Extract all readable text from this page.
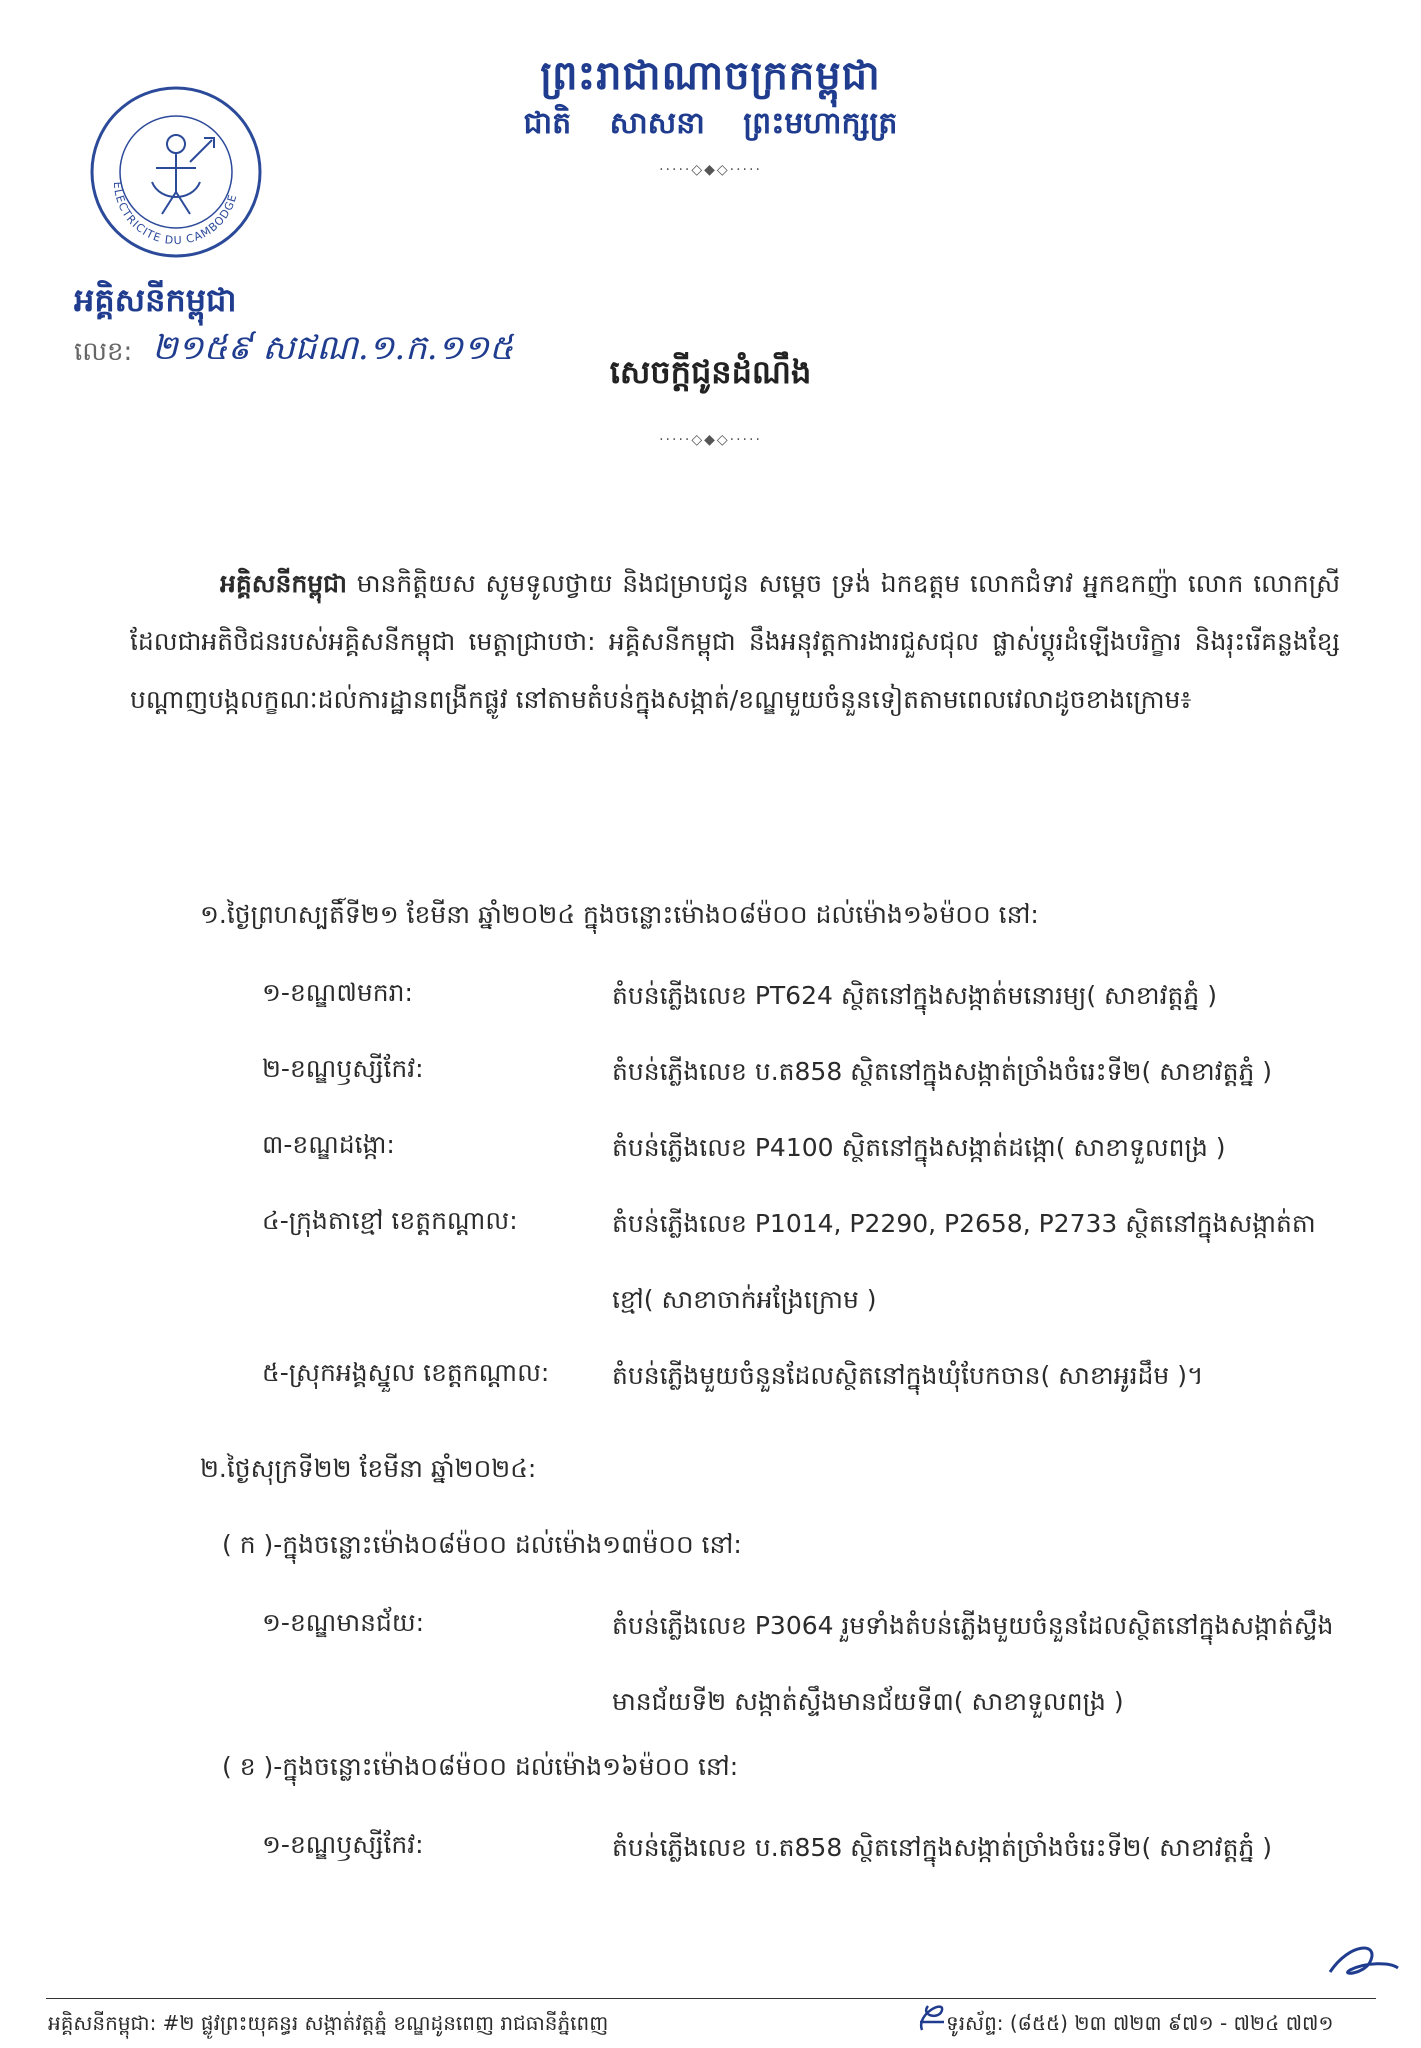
ព្រះរាជាណាចក្រកម្ពុជា
ជាតិ សាសនា ព្រះមហាក្សត្រ
·····◇◆◇·····
ELECTRICITE DU CAMBODGE
អគ្គិសនីកម្ពុជា
លេខ: ២១៥៩ សជណ.១.ក.១១៥
សេចក្តីជូនដំណឹង
·····◇◆◇·····
អគ្គិសនីកម្ពុជា មានកិត្តិយស សូមទូលថ្វាយ និងជម្រាបជូន សម្តេច ទ្រង់ ឯកឧត្តម លោកជំទាវ អ្នកឧកញ៉ា លោក លោកស្រី ដែលជាអតិថិជនរបស់អគ្គិសនីកម្ពុជា មេត្តាជ្រាបថា: អគ្គិសនីកម្ពុជា នឹងអនុវត្តការងារជួសជុល ផ្លាស់ប្តូរដំឡើងបរិក្ខារ និងរុះរើគន្លងខ្សែបណ្តាញបង្កលក្ខណៈដល់ការដ្ឋានពង្រីកផ្លូវ នៅតាមតំបន់ក្នុងសង្កាត់/ខណ្ឌមួយចំនួនទៀតតាមពេលវេលាដូចខាងក្រោម៖
១.ថ្ងៃព្រហស្បតិ៍ទី២១ ខែមីនា ឆ្នាំ២០២៤ ក្នុងចន្លោះម៉ោង០៨ម៉០០ ដល់ម៉ោង១៦ម៉០០ នៅ:
១-ខណ្ឌ៧មករា:	តំបន់ភ្លើងលេខ PT624 ស្ថិតនៅក្នុងសង្កាត់មនោរម្យ( សាខាវត្តភ្នំ )
២-ខណ្ឌឫស្សីកែវ:	តំបន់ភ្លើងលេខ ប.ត858 ស្ថិតនៅក្នុងសង្កាត់ច្រាំងចំរេះទី២( សាខាវត្តភ្នំ )
៣-ខណ្ឌដង្កោ:	តំបន់ភ្លើងលេខ P4100 ស្ថិតនៅក្នុងសង្កាត់ដង្កោ( សាខាទួលពង្រ )
៤-ក្រុងតាខ្មៅ ខេត្តកណ្តាល:	តំបន់ភ្លើងលេខ P1014, P2290, P2658, P2733 ស្ថិតនៅក្នុងសង្កាត់តាខ្មៅ( សាខាចាក់អង្រែក្រោម )
៥-ស្រុកអង្គស្នួល ខេត្តកណ្តាល:	តំបន់ភ្លើងមួយចំនួនដែលស្ថិតនៅក្នុងឃុំបែកចាន( សាខាអូរដឹម )។
២.ថ្ងៃសុក្រទី២២ ខែមីនា ឆ្នាំ២០២៤:
( ក )-ក្នុងចន្លោះម៉ោង០៨ម៉០០ ដល់ម៉ោង១៣ម៉០០ នៅ:
១-ខណ្ឌមានជ័យ:	តំបន់ភ្លើងលេខ P3064 រួមទាំងតំបន់ភ្លើងមួយចំនួនដែលស្ថិតនៅក្នុងសង្កាត់ស្ទឹងមានជ័យទី២ សង្កាត់ស្ទឹងមានជ័យទី៣( សាខាទួលពង្រ )
( ខ )-ក្នុងចន្លោះម៉ោង០៨ម៉០០ ដល់ម៉ោង១៦ម៉០០ នៅ:
១-ខណ្ឌឫស្សីកែវ:	តំបន់ភ្លើងលេខ ប.ត858 ស្ថិតនៅក្នុងសង្កាត់ច្រាំងចំរេះទី២( សាខាវត្តភ្នំ )
អគ្គិសនីកម្ពុជា: #២ ផ្លូវព្រះយុគន្ធរ សង្កាត់វត្តភ្នំ ខណ្ឌដូនពេញ រាជធានីភ្នំពេញ	ទូរស័ព្ទ: (៨៥៥) ២៣ ៧២៣ ៩៧១ - ៧២៤ ៧៧១
